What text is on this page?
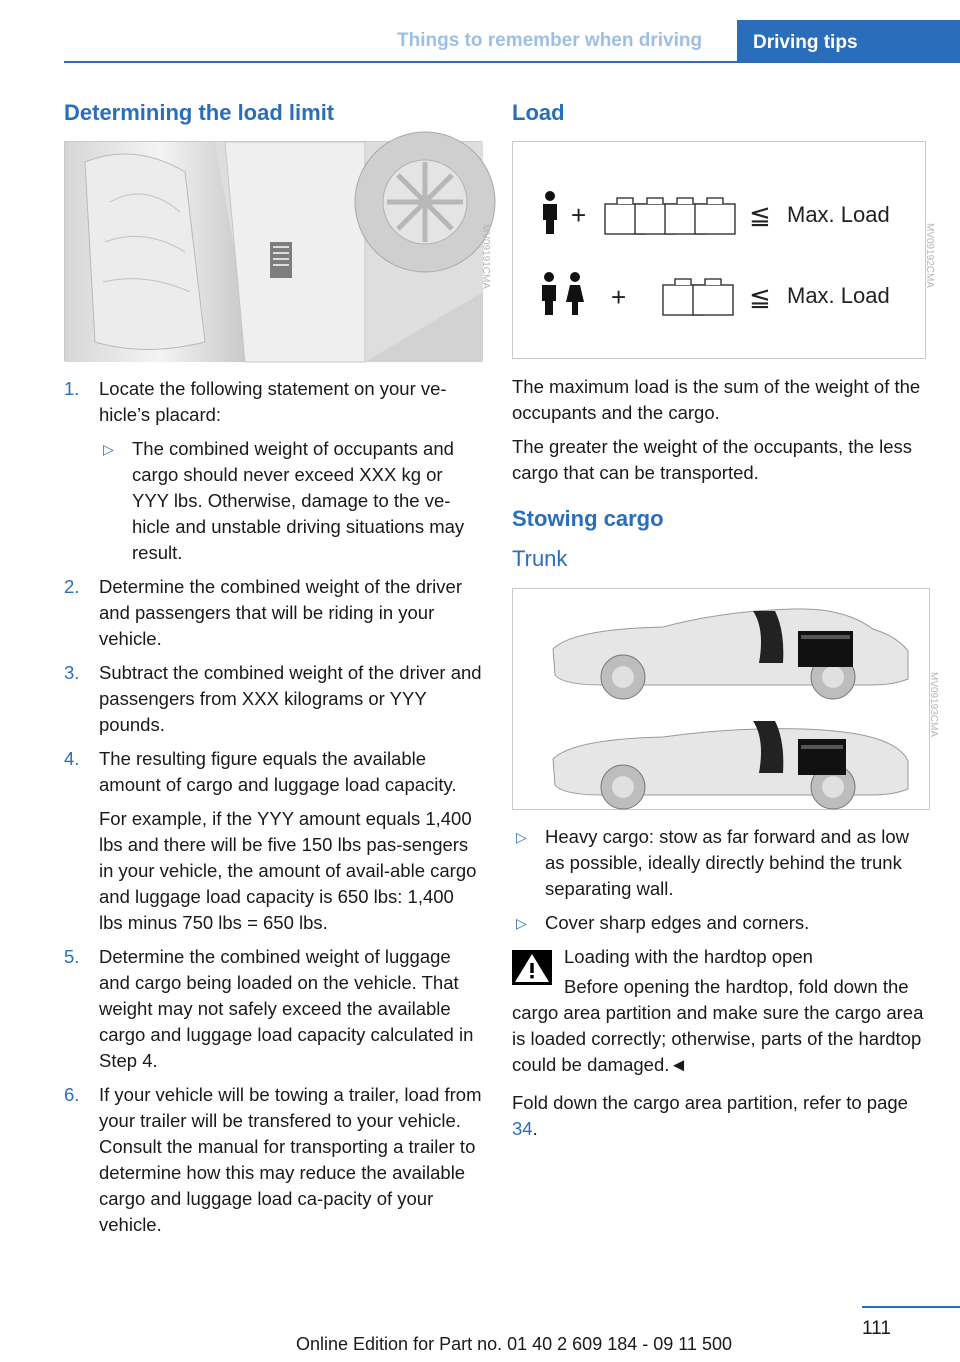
Things to remember when driving	Driving tips
Determining the load limit
MV09191CMA
1. Locate the following statement on your ve‐hicle’s placard:
▷ The combined weight of occupants and cargo should never exceed XXX kg or YYY lbs. Otherwise, damage to the ve‐hicle and unstable driving situations may result.
2. Determine the combined weight of the driver and passengers that will be riding in your vehicle.
3. Subtract the combined weight of the driver and passengers from XXX kilograms or YYY pounds.
4. The resulting figure equals the available amount of cargo and luggage load capacity.
For example, if the YYY amount equals 1,400 lbs and there will be five 150 lbs pas‐sengers in your vehicle, the amount of avail‐able cargo and luggage load capacity is 650 lbs: 1,400 lbs minus 750 lbs = 650 lbs.
5. Determine the combined weight of luggage and cargo being loaded on the vehicle. That weight may not safely exceed the available cargo and luggage load capacity calculated in Step 4.
6. If your vehicle will be towing a trailer, load from your trailer will be transfered to your vehicle. Consult the manual for transporting a trailer to determine how this may reduce the available cargo and luggage load ca‐pacity of your vehicle.
Load
+	≦ Max. Load
+	≦ Max. Load
MV09192CMA

The maximum load is the sum of the weight of the occupants and the cargo.

The greater the weight of the occupants, the less cargo that can be transported.

Stowing cargo
Trunk
MV09193CMA
▷ Heavy cargo: stow as far forward and as low as possible, ideally directly behind the trunk separating wall.
▷ Cover sharp edges and corners.
Loading with the hardtop open
Before opening the hardtop, fold down the cargo area partition and make sure the cargo area is loaded correctly; otherwise, parts of the hardtop could be damaged.◄

Fold down the cargo area partition, refer to page 34.

111
Online Edition for Part no. 01 40 2 609 184 - 09 11 500
